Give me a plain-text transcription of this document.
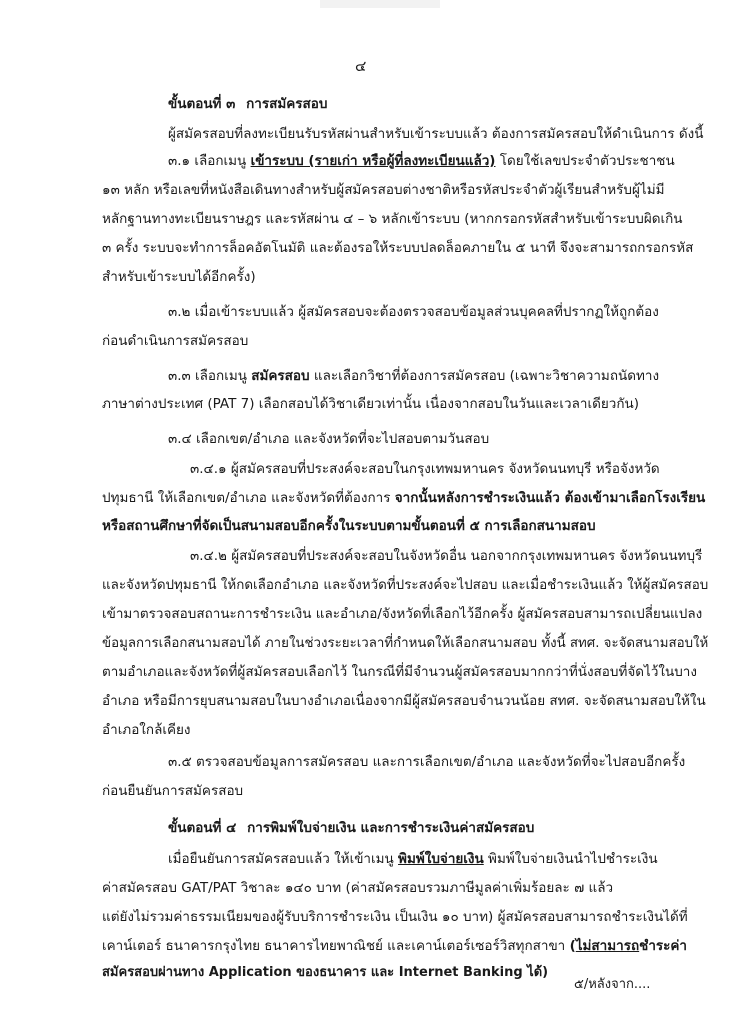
๔
ขั้นตอนที่ ๓ การสมัครสอบ
ผู้สมัครสอบที่ลงทะเบียนรับรหัสผ่านสำหรับเข้าระบบแล้ว ต้องการสมัครสอบให้ดำเนินการ ดังนี้
๓.๑ เลือกเมนู เข้าระบบ (รายเก่า หรือผู้ที่ลงทะเบียนแล้ว) โดยใช้เลขประจำตัวประชาชน
๑๓ หลัก หรือเลขที่หนังสือเดินทางสำหรับผู้สมัครสอบต่างชาติหรือรหัสประจำตัวผู้เรียนสำหรับผู้ไม่มี
หลักฐานทางทะเบียนราษฎร และรหัสผ่าน ๔ – ๖ หลักเข้าระบบ (หากกรอกรหัสสำหรับเข้าระบบผิดเกิน
๓ ครั้ง ระบบจะทำการล็อคอัตโนมัติ และต้องรอให้ระบบปลดล็อคภายใน ๕ นาที จึงจะสามารถกรอกรหัส
สำหรับเข้าระบบได้อีกครั้ง)
๓.๒ เมื่อเข้าระบบแล้ว ผู้สมัครสอบจะต้องตรวจสอบข้อมูลส่วนบุคคลที่ปรากฏให้ถูกต้อง
ก่อนดำเนินการสมัครสอบ
๓.๓ เลือกเมนู สมัครสอบ และเลือกวิชาที่ต้องการสมัครสอบ (เฉพาะวิชาความถนัดทาง
ภาษาต่างประเทศ (PAT 7) เลือกสอบได้วิชาเดียวเท่านั้น เนื่องจากสอบในวันและเวลาเดียวกัน)
๓.๔ เลือกเขต/อำเภอ และจังหวัดที่จะไปสอบตามวันสอบ
๓.๔.๑ ผู้สมัครสอบที่ประสงค์จะสอบในกรุงเทพมหานคร จังหวัดนนทบุรี หรือจังหวัด
ปทุมธานี ให้เลือกเขต/อำเภอ และจังหวัดที่ต้องการ จากนั้นหลังการชำระเงินแล้ว ต้องเข้ามาเลือกโรงเรียน
หรือสถานศึกษาที่จัดเป็นสนามสอบอีกครั้งในระบบตามขั้นตอนที่ ๕ การเลือกสนามสอบ
๓.๔.๒ ผู้สมัครสอบที่ประสงค์จะสอบในจังหวัดอื่น นอกจากกรุงเทพมหานคร จังหวัดนนทบุรี
และจังหวัดปทุมธานี ให้กดเลือกอำเภอ และจังหวัดที่ประสงค์จะไปสอบ และเมื่อชำระเงินแล้ว ให้ผู้สมัครสอบ
เข้ามาตรวจสอบสถานะการชำระเงิน และอำเภอ/จังหวัดที่เลือกไว้อีกครั้ง ผู้สมัครสอบสามารถเปลี่ยนแปลง
ข้อมูลการเลือกสนามสอบได้ ภายในช่วงระยะเวลาที่กำหนดให้เลือกสนามสอบ ทั้งนี้ สทศ. จะจัดสนามสอบให้
ตามอำเภอและจังหวัดที่ผู้สมัครสอบเลือกไว้ ในกรณีที่มีจำนวนผู้สมัครสอบมากกว่าที่นั่งสอบที่จัดไว้ในบาง
อำเภอ หรือมีการยุบสนามสอบในบางอำเภอเนื่องจากมีผู้สมัครสอบจำนวนน้อย สทศ. จะจัดสนามสอบให้ใน
อำเภอใกล้เคียง
๓.๕ ตรวจสอบข้อมูลการสมัครสอบ และการเลือกเขต/อำเภอ และจังหวัดที่จะไปสอบอีกครั้ง
ก่อนยืนยันการสมัครสอบ
ขั้นตอนที่ ๔ การพิมพ์ใบจ่ายเงิน และการชำระเงินค่าสมัครสอบ
เมื่อยืนยันการสมัครสอบแล้ว ให้เข้าเมนู พิมพ์ใบจ่ายเงิน พิมพ์ใบจ่ายเงินนำไปชำระเงิน
ค่าสมัครสอบ GAT/PAT วิชาละ ๑๔๐ บาท (ค่าสมัครสอบรวมภาษีมูลค่าเพิ่มร้อยละ ๗ แล้ว
แต่ยังไม่รวมค่าธรรมเนียมของผู้รับบริการชำระเงิน เป็นเงิน ๑๐ บาท) ผู้สมัครสอบสามารถชำระเงินได้ที่
เคาน์เตอร์ ธนาคารกรุงไทย ธนาคารไทยพาณิชย์ และเคาน์เตอร์เซอร์วิสทุกสาขา (ไม่สามารถชำระค่า
สมัครสอบผ่านทาง Application ของธนาคาร และ Internet Banking ได้)
๕/หลังจาก....
